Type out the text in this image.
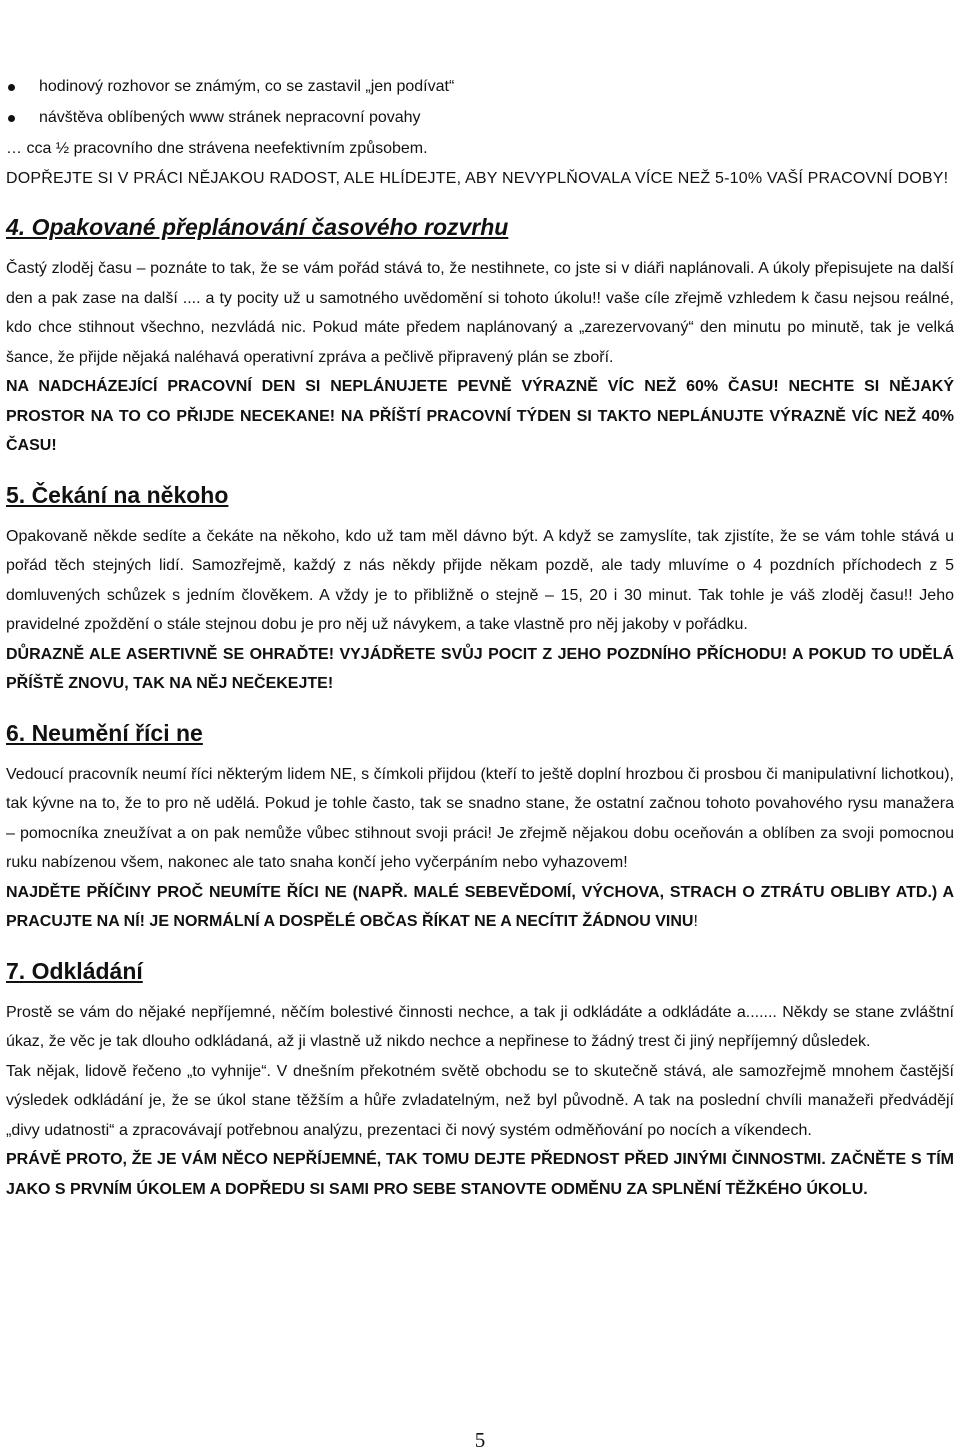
hodinový rozhovor se známým, co se zastavil „jen podívat“
návštěva oblíbených www stránek nepracovní povahy
… cca ½ pracovního dne strávena neefektivním způsobem.
DOPŘEJTE SI V PRÁCI NĚJAKOU RADOST, ALE HLÍDEJTE, ABY NEVYPLŇOVALA VÍCE NEŽ 5-10% VAŠÍ PRACOVNÍ DOBY!
4. Opakované přeplánování časového rozvrhu

Častý zloděj času – poznáte to tak, že se vám pořád stává to, že nestihnete, co jste si v diáři naplánovali. A úkoly přepisujete na další den a pak zase na další .... a ty pocity už u samotného uvědomění si tohoto úkolu!! vaše cíle zřejmě vzhledem k času nejsou reálné, kdo chce stihnout všechno, nezvládá nic. Pokud máte předem naplánovaný a „zarezervovaný“ den minutu po minutě, tak je velká šance, že přijde nějaká naléhavá operativní zpráva a pečlivě připravený plán se zboří.

NA NADCHÁZEJÍCÍ PRACOVNÍ DEN SI NEPLÁNUJETE PEVNĚ VÝRAZNĚ VÍC NEŽ 60% ČASU! NECHTE SI NĚJAKÝ PROSTOR NA TO CO PŘIJDE NECEKANE! NA PŘÍŠTÍ PRACOVNÍ TÝDEN SI TAKTO NEPLÁNUJTE VÝRAZNĚ VÍC NEŽ 40% ČASU!
5. Čekání na někoho

Opakovaně někde sedíte a čekáte na někoho, kdo už tam měl dávno být. A když se zamyslíte, tak zjistíte, že se vám tohle stává u pořád těch stejných lidí. Samozřejmě, každý z nás někdy přijde někam pozdě, ale tady mluvíme o 4 pozdních příchodech z 5 domluvených schůzek s jedním člověkem. A vždy je to přibližně o stejně – 15, 20 i 30 minut. Tak tohle je váš zloděj času!! Jeho pravidelné zpoždění o stále stejnou dobu je pro něj už návykem, a take vlastně pro něj jakoby v pořádku.

DŮRAZNĚ ALE ASERTIVNĚ SE OHRAĎTE! VYJÁDŘETE SVŮJ POCIT Z JEHO POZDNÍHO PŘÍCHODU! A POKUD TO UDĚLÁ PŘÍŠTĚ ZNOVU, TAK NA NĚJ NEČEKEJTE!
6. Neumění říci ne

Vedoucí pracovník neumí říci některým lidem NE, s čímkoli přijdou (kteří to ještě doplní hrozbou či prosbou či manipulativní lichotkou), tak kývne na to, že to pro ně udělá. Pokud je tohle často, tak se snadno stane, že ostatní začnou tohoto povahového rysu manažera – pomocníka zneužívat a on pak nemůže vůbec stihnout svoji práci! Je zřejmě nějakou dobu oceňován a oblíben za svoji pomocnou ruku nabízenou všem, nakonec ale tato snaha končí jeho vyčerpáním nebo vyhazovem!

NAJDĚTE PŘÍČINY PROČ NEUMÍTE ŘÍCI NE (NAPŘ. MALÉ SEBEVĚDOMÍ, VÝCHOVA, STRACH O ZTRÁTU OBLIBY ATD.) A PRACUJTE NA NÍ! JE NORMÁLNÍ A DOSPĚLÉ OBČAS ŘÍKAT NE A NECÍTIT ŽÁDNOU VINU!
7. Odkládání

Prostě se vám do nějaké nepříjemné, něčím bolestivé činnosti nechce, a tak ji odkládáte a odkládáte a....... Někdy se stane zvláštní úkaz, že věc je tak dlouho odkládaná, až ji vlastně už nikdo nechce a nepřinese to žádný trest či jiný nepříjemný důsledek.

Tak nějak, lidově řečeno „to vyhnije“. V dnešním překotném světě obchodu se to skutečně stává, ale samozřejmě mnohem častější výsledek odkládání je, že se úkol stane těžším a hůře zvladatelným, než byl původně. A tak na poslední chvíli manažeři předvádějí „divy udatnosti“ a zpracovávají potřebnou analýzu, prezentaci či nový systém odměňování po nocích a víkendech.

PRÁVĚ PROTO, ŽE JE VÁM NĚCO NEPŘÍJEMNÉ, TAK TOMU DEJTE PŘEDNOST PŘED JINÝMI ČINNOSTMI. ZAČNĚTE S TÍM JAKO S PRVNÍM ÚKOLEM A DOPŘEDU SI SAMI PRO SEBE STANOVTE ODMĚNU ZA SPLNĚNÍ TĚŽKÉHO ÚKOLU.
5
